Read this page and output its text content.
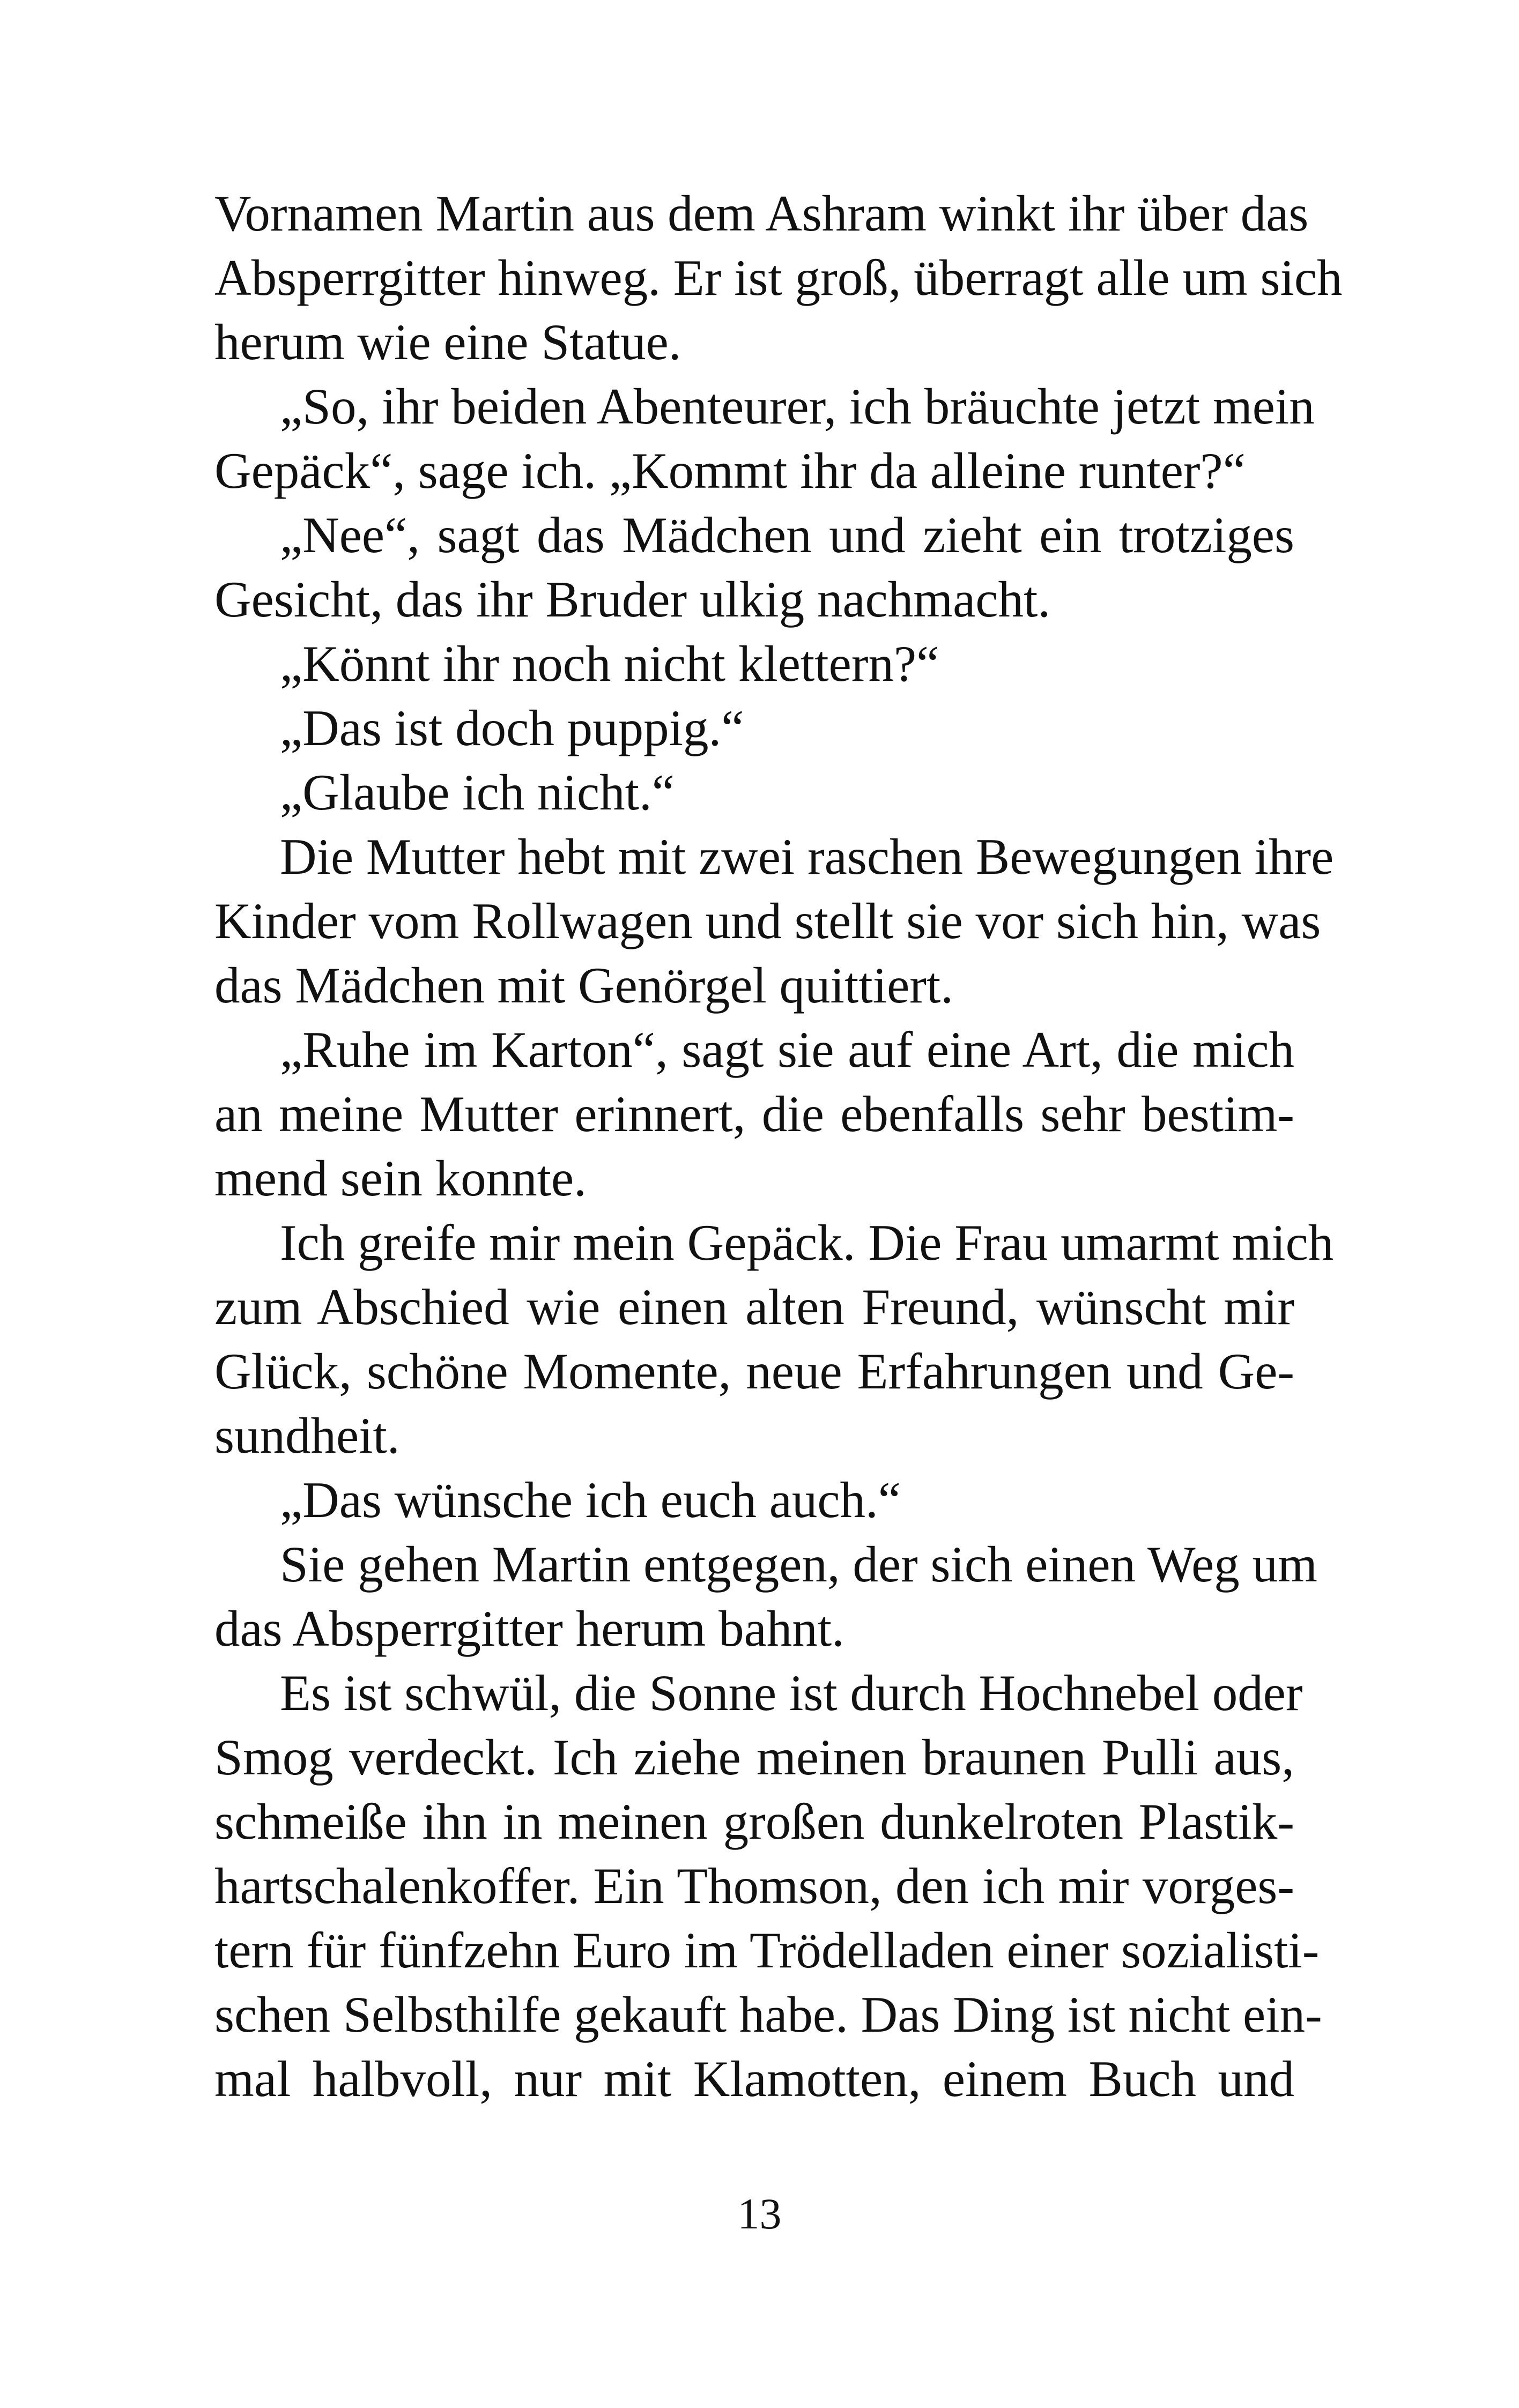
Vornamen Martin aus dem Ashram winkt ihr über das
Absperrgitter hinweg. Er ist groß, überragt alle um sich
herum wie eine Statue.
„So, ihr beiden Abenteurer, ich bräuchte jetzt mein
Gepäck“, sage ich. „Kommt ihr da alleine runter?“
„Nee“, sagt das Mädchen und zieht ein trotziges
Gesicht, das ihr Bruder ulkig nachmacht.
„Könnt ihr noch nicht klettern?“
„Das ist doch puppig.“
„Glaube ich nicht.“
Die Mutter hebt mit zwei raschen Bewegungen ihre
Kinder vom Rollwagen und stellt sie vor sich hin, was
das Mädchen mit Genörgel quittiert.
„Ruhe im Karton“, sagt sie auf eine Art, die mich
an meine Mutter erinnert, die ebenfalls sehr bestim-
mend sein konnte.
Ich greife mir mein Gepäck. Die Frau umarmt mich
zum Abschied wie einen alten Freund, wünscht mir
Glück, schöne Momente, neue Erfahrungen und Ge-
sundheit.
„Das wünsche ich euch auch.“
Sie gehen Martin entgegen, der sich einen Weg um
das Absperrgitter herum bahnt.
Es ist schwül, die Sonne ist durch Hochnebel oder
Smog verdeckt. Ich ziehe meinen braunen Pulli aus,
schmeiße ihn in meinen großen dunkelroten Plastik-
hartschalenkoffer. Ein Thomson, den ich mir vorges-
tern für fünfzehn Euro im Trödelladen einer sozialisti-
schen Selbsthilfe gekauft habe. Das Ding ist nicht ein-
mal halbvoll, nur mit Klamotten, einem Buch und
13
